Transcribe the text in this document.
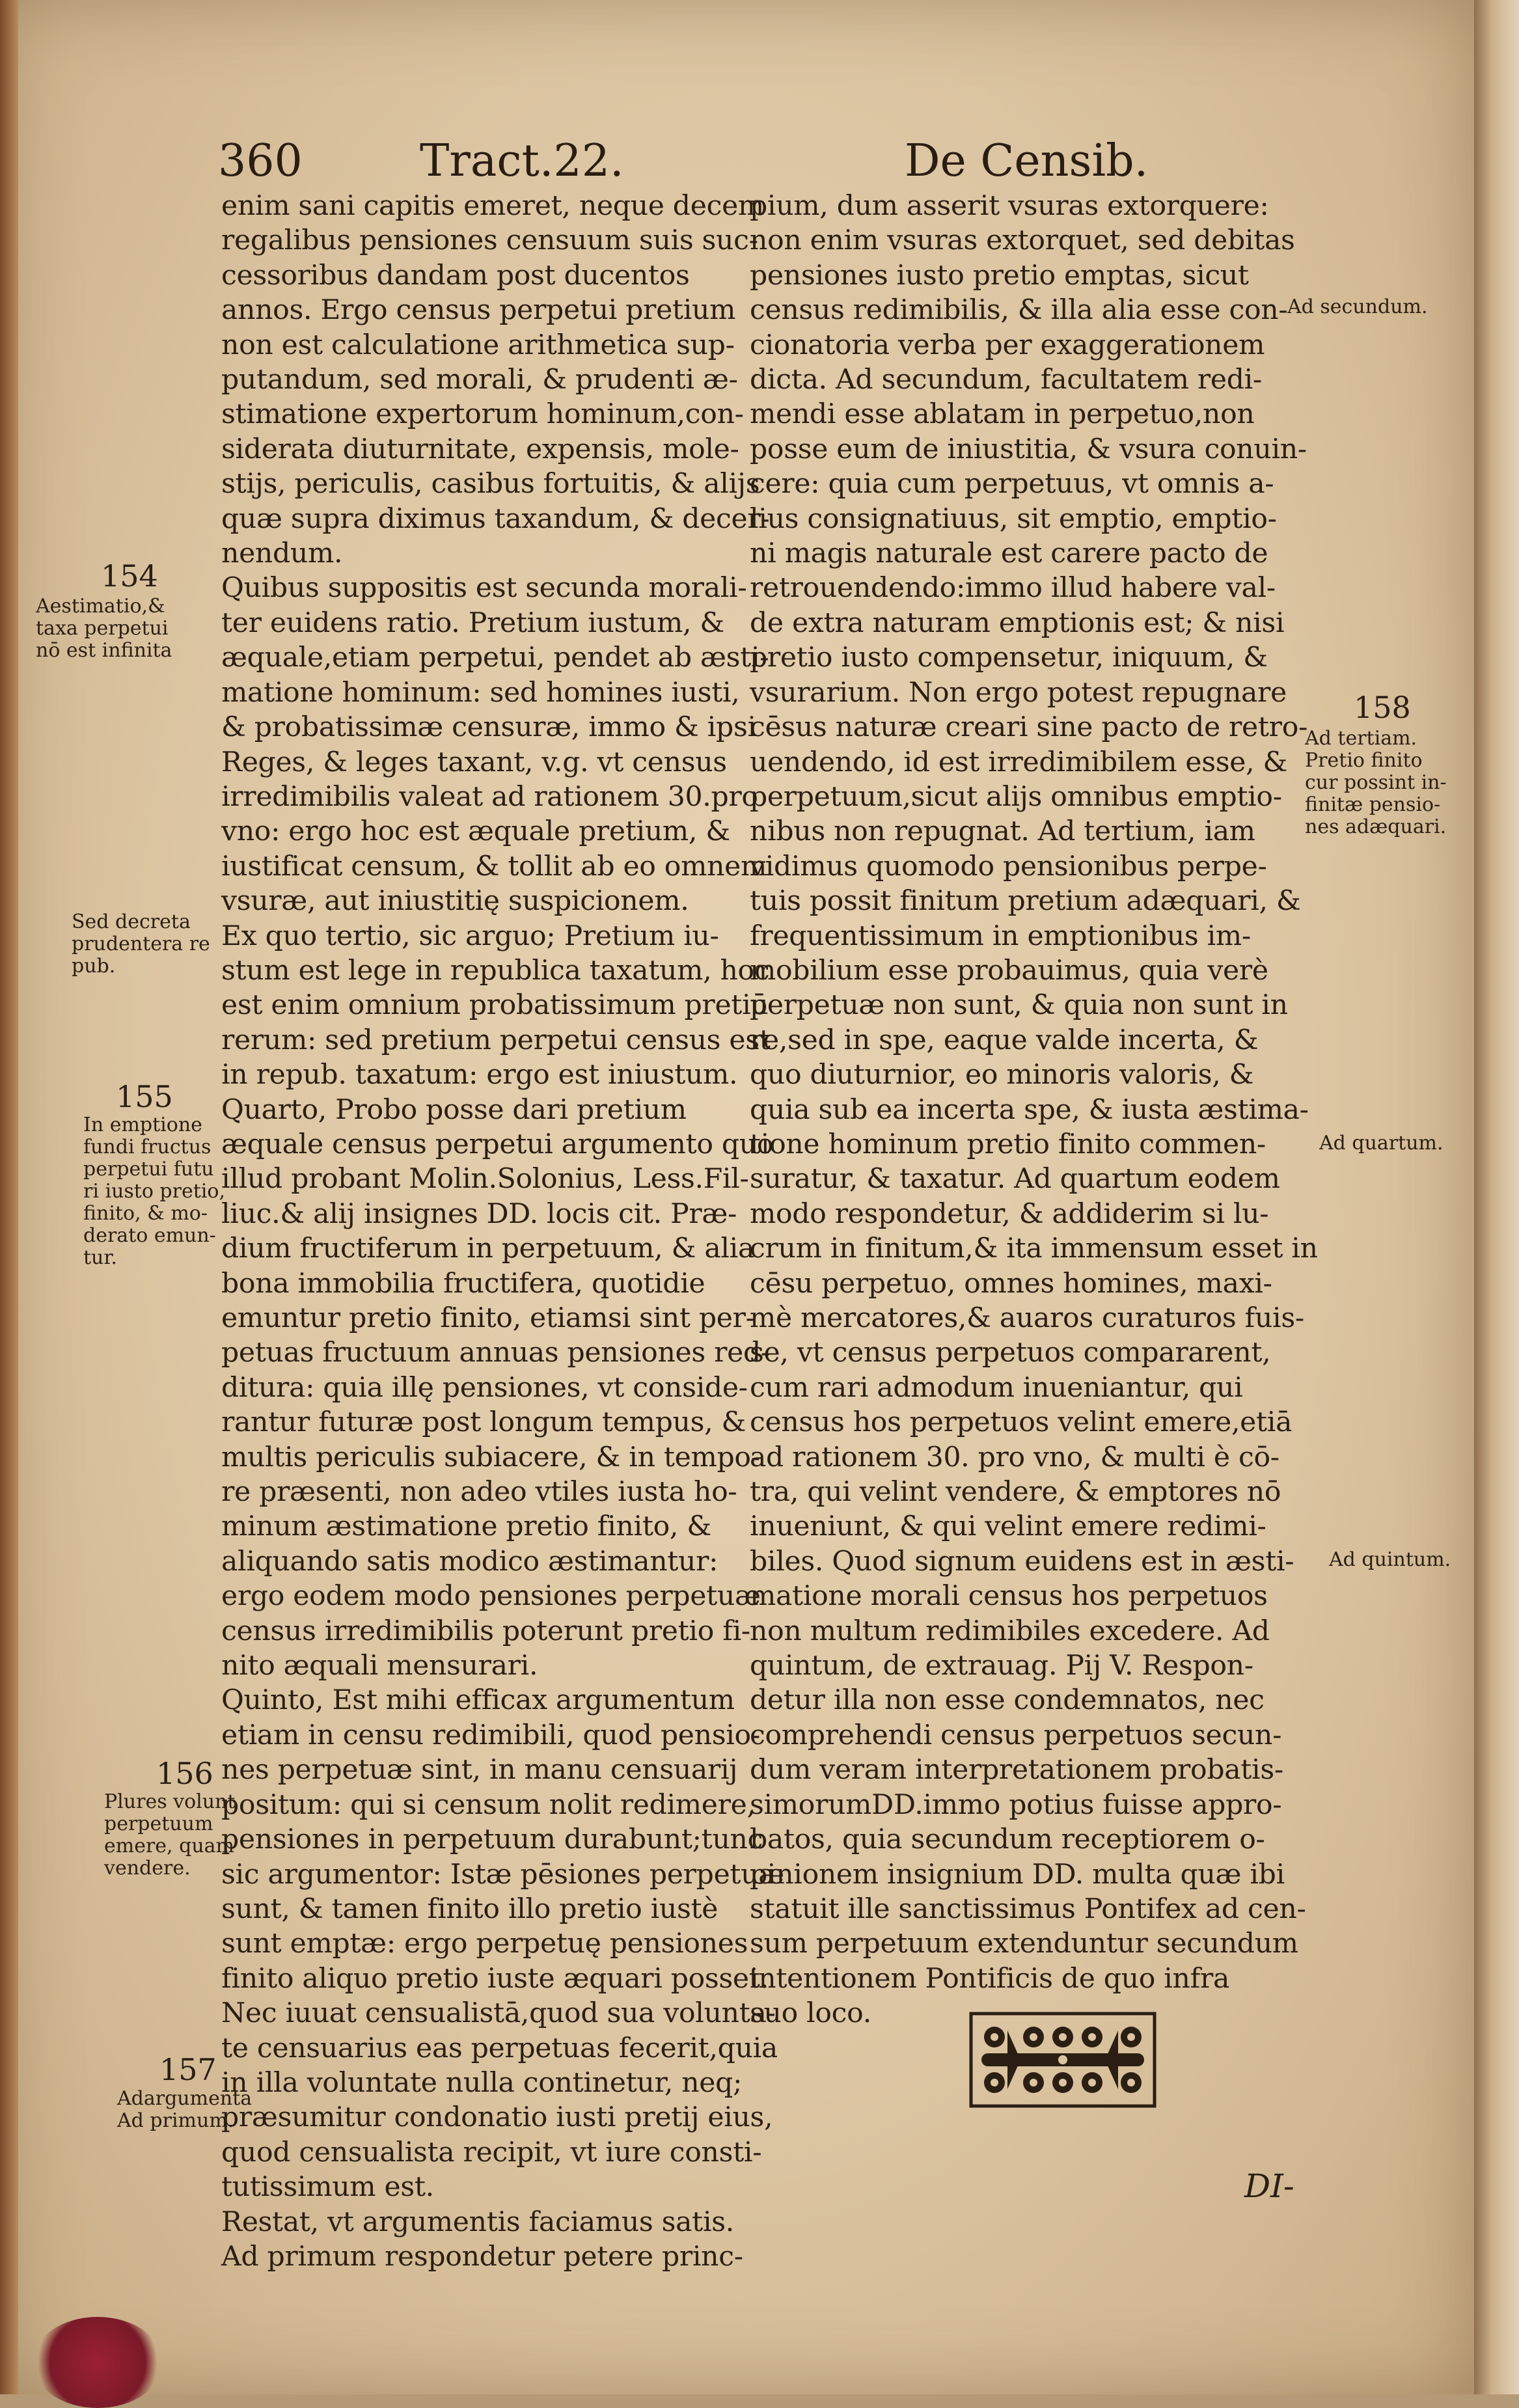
360	Tract.22.	De Censib.
enim sani capitis emeret, neque decem
regalibus pensiones censuum suis suc-
cessoribus dandam post ducentos
annos. Ergo census perpetui pretium
non est calculatione arithmetica sup-
putandum, sed morali, & prudenti æ-
stimatione expertorum hominum,con-
siderata diuturnitate, expensis, mole-
stijs, periculis, casibus fortuitis, & alijs
quæ supra diximus taxandum, & decer-
nendum.
Quibus suppositis est secunda morali-
ter euidens ratio. Pretium iustum, &
æquale,etiam perpetui, pendet ab æsti-
matione hominum: sed homines iusti,
& probatissimæ censuræ, immo & ipsi
Reges, & leges taxant, v.g. vt census
irredimibilis valeat ad rationem 30.pro
vno: ergo hoc est æquale pretium, &
iustificat censum, & tollit ab eo omnem
vsuræ, aut iniustitię suspicionem.
Ex quo tertio, sic arguo; Pretium iu-
stum est lege in republica taxatum, hoc
est enim omnium probatissimum pretiū
rerum: sed pretium perpetui census est
in repub. taxatum: ergo est iniustum.
Quarto, Probo posse dari pretium
æquale census perpetui argumento quo
illud probant Molin.Solonius, Less.Fil-
liuc.& alij insignes DD. locis cit. Præ-
dium fructiferum in perpetuum, & alia
bona immobilia fructifera, quotidie
emuntur pretio finito, etiamsi sint per-
petuas fructuum annuas pensiones red-
ditura: quia illę pensiones, vt conside-
rantur futuræ post longum tempus, &
multis periculis subiacere, & in tempo-
re præsenti, non adeo vtiles iusta ho-
minum æstimatione pretio finito, &
aliquando satis modico æstimantur:
ergo eodem modo pensiones perpetuæ
census irredimibilis poterunt pretio fi-
nito æquali mensurari.
Quinto, Est mihi efficax argumentum
etiam in censu redimibili, quod pensio-
nes perpetuæ sint, in manu censuarij
positum: qui si censum nolit redimere,
pensiones in perpetuum durabunt;tunc
sic argumentor: Istæ pēsiones perpetuæ
sunt, & tamen finito illo pretio iustè
sunt emptæ: ergo perpetuę pensiones
finito aliquo pretio iuste æquari posset.
Nec iuuat censualistā,quod sua volunta-
te censuarius eas perpetuas fecerit,quia
in illa voluntate nulla continetur, neq;
præsumitur condonatio iusti pretij eius,
quod censualista recipit, vt iure consti-
tutissimum est.
Restat, vt argumentis faciamus satis.
Ad primum respondetur petere princ-
pium, dum asserit vsuras extorquere:
non enim vsuras extorquet, sed debitas
pensiones iusto pretio emptas, sicut
census redimibilis, & illa alia esse con-
cionatoria verba per exaggerationem
dicta. Ad secundum, facultatem redi-
mendi esse ablatam in perpetuo,non
posse eum de iniustitia, & vsura conuin-
cere: quia cum perpetuus, vt omnis a-
lius consignatiuus, sit emptio, emptio-
ni magis naturale est carere pacto de
retrouendendo:immo illud habere val-
de extra naturam emptionis est; & nisi
pretio iusto compensetur, iniquum, &
vsurarium. Non ergo potest repugnare
cēsus naturæ creari sine pacto de retro-
uendendo, id est irredimibilem esse, &
perpetuum,sicut alijs omnibus emptio-
nibus non repugnat. Ad tertium, iam
vidimus quomodo pensionibus perpe-
tuis possit finitum pretium adæquari, &
frequentissimum in emptionibus im-
mobilium esse probauimus, quia verè
perpetuæ non sunt, & quia non sunt in
re,sed in spe, eaque valde incerta, &
quo diuturnior, eo minoris valoris, &
quia sub ea incerta spe, & iusta æstima-
tione hominum pretio finito commen-
suratur, & taxatur. Ad quartum eodem
modo respondetur, & addiderim si lu-
crum in finitum,& ita immensum esset in
cēsu perpetuo, omnes homines, maxi-
mè mercatores,& auaros curaturos fuis-
se, vt census perpetuos compararent,
cum rari admodum inueniantur, qui
census hos perpetuos velint emere,etiā
ad rationem 30. pro vno, & multi è cō-
tra, qui velint vendere, & emptores nō
inueniunt, & qui velint emere redimi-
biles. Quod signum euidens est in æsti-
matione morali census hos perpetuos
non multum redimibiles excedere. Ad
quintum, de extrauag. Pij V. Respon-
detur illa non esse condemnatos, nec
comprehendi census perpetuos secun-
dum veram interpretationem probatis-
simorumDD.immo potius fuisse appro-
batos, quia secundum receptiorem o-
pinionem insignium DD. multa quæ ibi
statuit ille sanctissimus Pontifex ad cen-
sum perpetuum extenduntur secundum
intentionem Pontificis de quo infra
suo loco.
154
Aestimatio,&
taxa perpetui
nō est infinita
Sed decreta
prudentera re
pub.
155
In emptione
fundi fructus
perpetui futu
ri iusto pretio,
finito, & mo-
derato emun-
tur.
156
Plures volunt
perpetuum
emere, quam
vendere.
157
Adargumenta
Ad primum.
Ad secundum.
158
Ad tertiam.
Pretio finito
cur possint in-
finitæ pensio-
nes adæquari.
Ad quartum.
Ad quintum.
DI-
